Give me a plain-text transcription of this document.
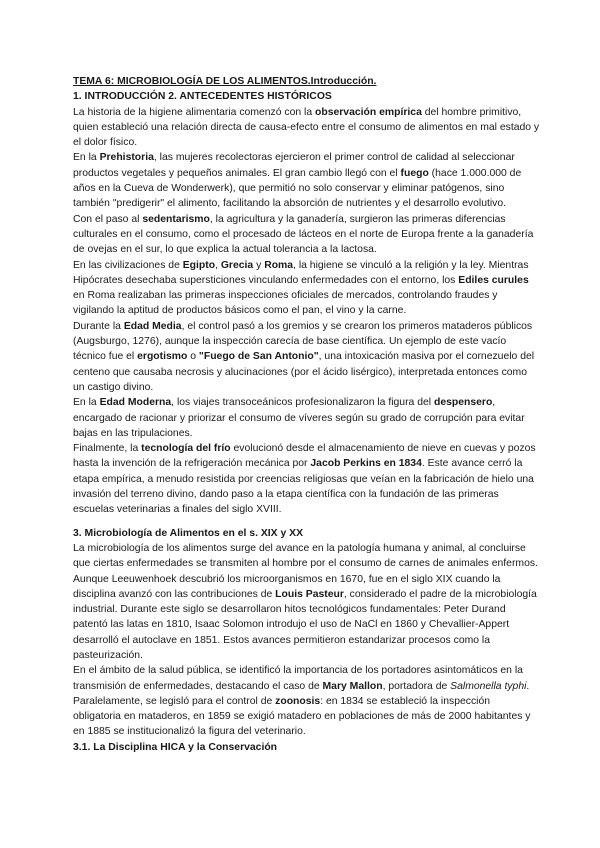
TEMA 6: MICROBIOLOGÍA DE LOS ALIMENTOS.Introducción.

1. INTRODUCCIÓN 2. ANTECEDENTES HISTÓRICOS

La historia de la higiene alimentaria comenzó con la observación empírica del hombre primitivo, quien estableció una relación directa de causa-efecto entre el consumo de alimentos en mal estado y el dolor físico.

En la Prehistoria, las mujeres recolectoras ejercieron el primer control de calidad al seleccionar productos vegetales y pequeños animales. El gran cambio llegó con el fuego (hace 1.000.000 de años en la Cueva de Wonderwerk), que permitió no solo conservar y eliminar patógenos, sino también "predigerir" el alimento, facilitando la absorción de nutrientes y el desarrollo evolutivo.

Con el paso al sedentarismo, la agricultura y la ganadería, surgieron las primeras diferencias culturales en el consumo, como el procesado de lácteos en el norte de Europa frente a la ganadería de ovejas en el sur, lo que explica la actual tolerancia a la lactosa.

En las civilizaciones de Egipto, Grecia y Roma, la higiene se vinculó a la religión y la ley. Mientras Hipócrates desechaba supersticiones vinculando enfermedades con el entorno, los Ediles curules en Roma realizaban las primeras inspecciones oficiales de mercados, controlando fraudes y vigilando la aptitud de productos básicos como el pan, el vino y la carne.

Durante la Edad Media, el control pasó a los gremios y se crearon los primeros mataderos públicos (Augsburgo, 1276), aunque la inspección carecía de base científica. Un ejemplo de este vacío técnico fue el ergotismo o "Fuego de San Antonio", una intoxicación masiva por el cornezuelo del centeno que causaba necrosis y alucinaciones (por el ácido lisérgico), interpretada entonces como un castigo divino.

En la Edad Moderna, los viajes transoceánicos profesionalizaron la figura del despensero, encargado de racionar y priorizar el consumo de víveres según su grado de corrupción para evitar bajas en las tripulaciones.

Finalmente, la tecnología del frío evolucionó desde el almacenamiento de nieve en cuevas y pozos hasta la invención de la refrigeración mecánica por Jacob Perkins en 1834. Este avance cerró la etapa empírica, a menudo resistida por creencias religiosas que veían en la fabricación de hielo una invasión del terreno divino, dando paso a la etapa científica con la fundación de las primeras escuelas veterinarias a finales del siglo XVIII.

3. Microbiología de Alimentos en el s. XIX y XX

La microbiología de los alimentos surge del avance en la patología humana y animal, al concluirse que ciertas enfermedades se transmiten al hombre por el consumo de carnes de animales enfermos. Aunque Leeuwenhoek descubrió los microorganismos en 1670, fue en el siglo XIX cuando la disciplina avanzó con las contribuciones de Louis Pasteur, considerado el padre de la microbiología industrial. Durante este siglo se desarrollaron hitos tecnológicos fundamentales: Peter Durand patentó las latas en 1810, Isaac Solomon introdujo el uso de NaCl en 1860 y Chevallier-Appert desarrolló el autoclave en 1851. Estos avances permitieron estandarizar procesos como la pasteurización.

En el ámbito de la salud pública, se identificó la importancia de los portadores asintomáticos en la transmisión de enfermedades, destacando el caso de Mary Mallon, portadora de Salmonella typhi. Paralelamente, se legisló para el control de zoonosis: en 1834 se estableció la inspección obligatoria en mataderos, en 1859 se exigió matadero en poblaciones de más de 2000 habitantes y en 1885 se institucionalizó la figura del veterinario.

3.1. La Disciplina HICA y la Conservación
